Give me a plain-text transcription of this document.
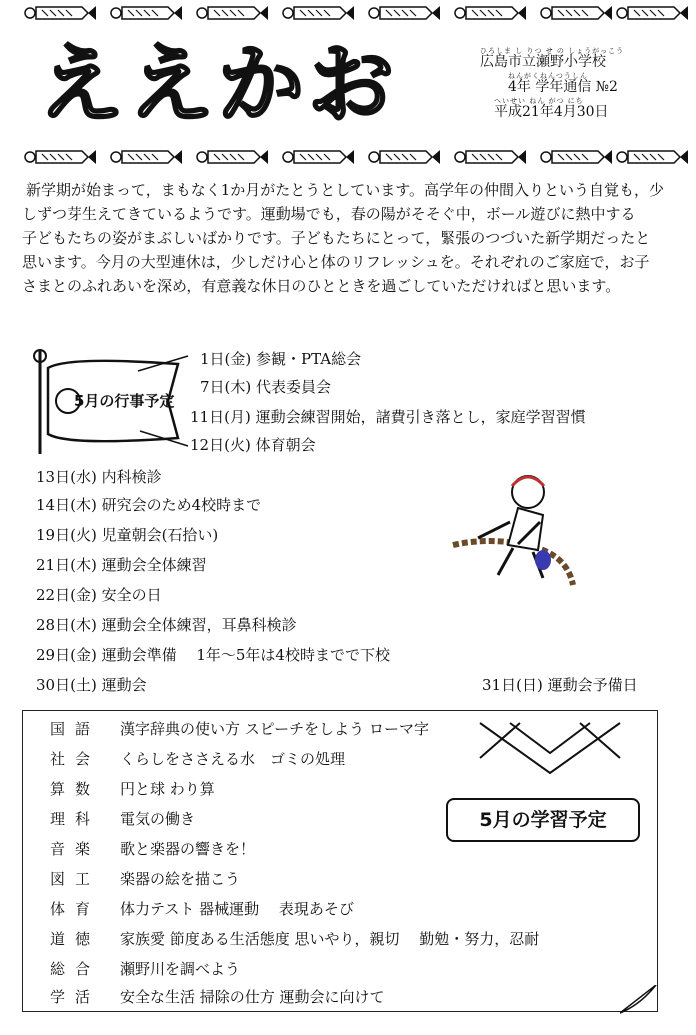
ええかお	ひろしま し りつ せ の しょうがっこう
広島市立瀬野小学校
ねんがくねんつうしん
4年 学年通信 №2
へいせい ねん がつ にち
平成21年4月30日

新学期が始まって，まもなく1か月がたとうとしています。高学年の仲間入りという自覚も，少

しずつ芽生えてきているようです。運動場でも，春の陽がそそぐ中，ボール遊びに熱中する

子どもたちの姿がまぶしいばかりです。子どもたちにとって，緊張のつづいた新学期だったと

思います。今月の大型連休は，少しだけ心と体のリフレッシュを。それぞれのご家庭で，お子

さまとのふれあいを深め，有意義な休日のひとときを過ごしていただければと思います。

5月の行事予定
1日(金) 参観・PTA総会
7日(木) 代表委員会
11日(月) 運動会練習開始，諸費引き落とし，家庭学習習慣
12日(火) 体育朝会
13日(水) 内科検診
14日(木) 研究会のため4校時まで
19日(火) 児童朝会(石拾い)
21日(木) 運動会全体練習
22日(金) 安全の日
28日(木) 運動会全体練習，耳鼻科検診
29日(金) 運動会準備　 1年～5年は4校時までで下校
30日(土) 運動会	31日(日) 運動会予備日
5月の学習予定
国語 漢字辞典の使い方 スピーチをしよう ローマ字
社会 くらしをささえる水　ゴミの処理
算数 円と球 わり算
理科 電気の働き
音楽 歌と楽器の響きを！
図工 楽器の絵を描こう
体育 体力テスト 器械運動　 表現あそび
道徳 家族愛 節度ある生活態度 思いやり，親切　 勤勉・努力，忍耐
総合 瀬野川を調べよう
学活 安全な生活 掃除の仕方 運動会に向けて
